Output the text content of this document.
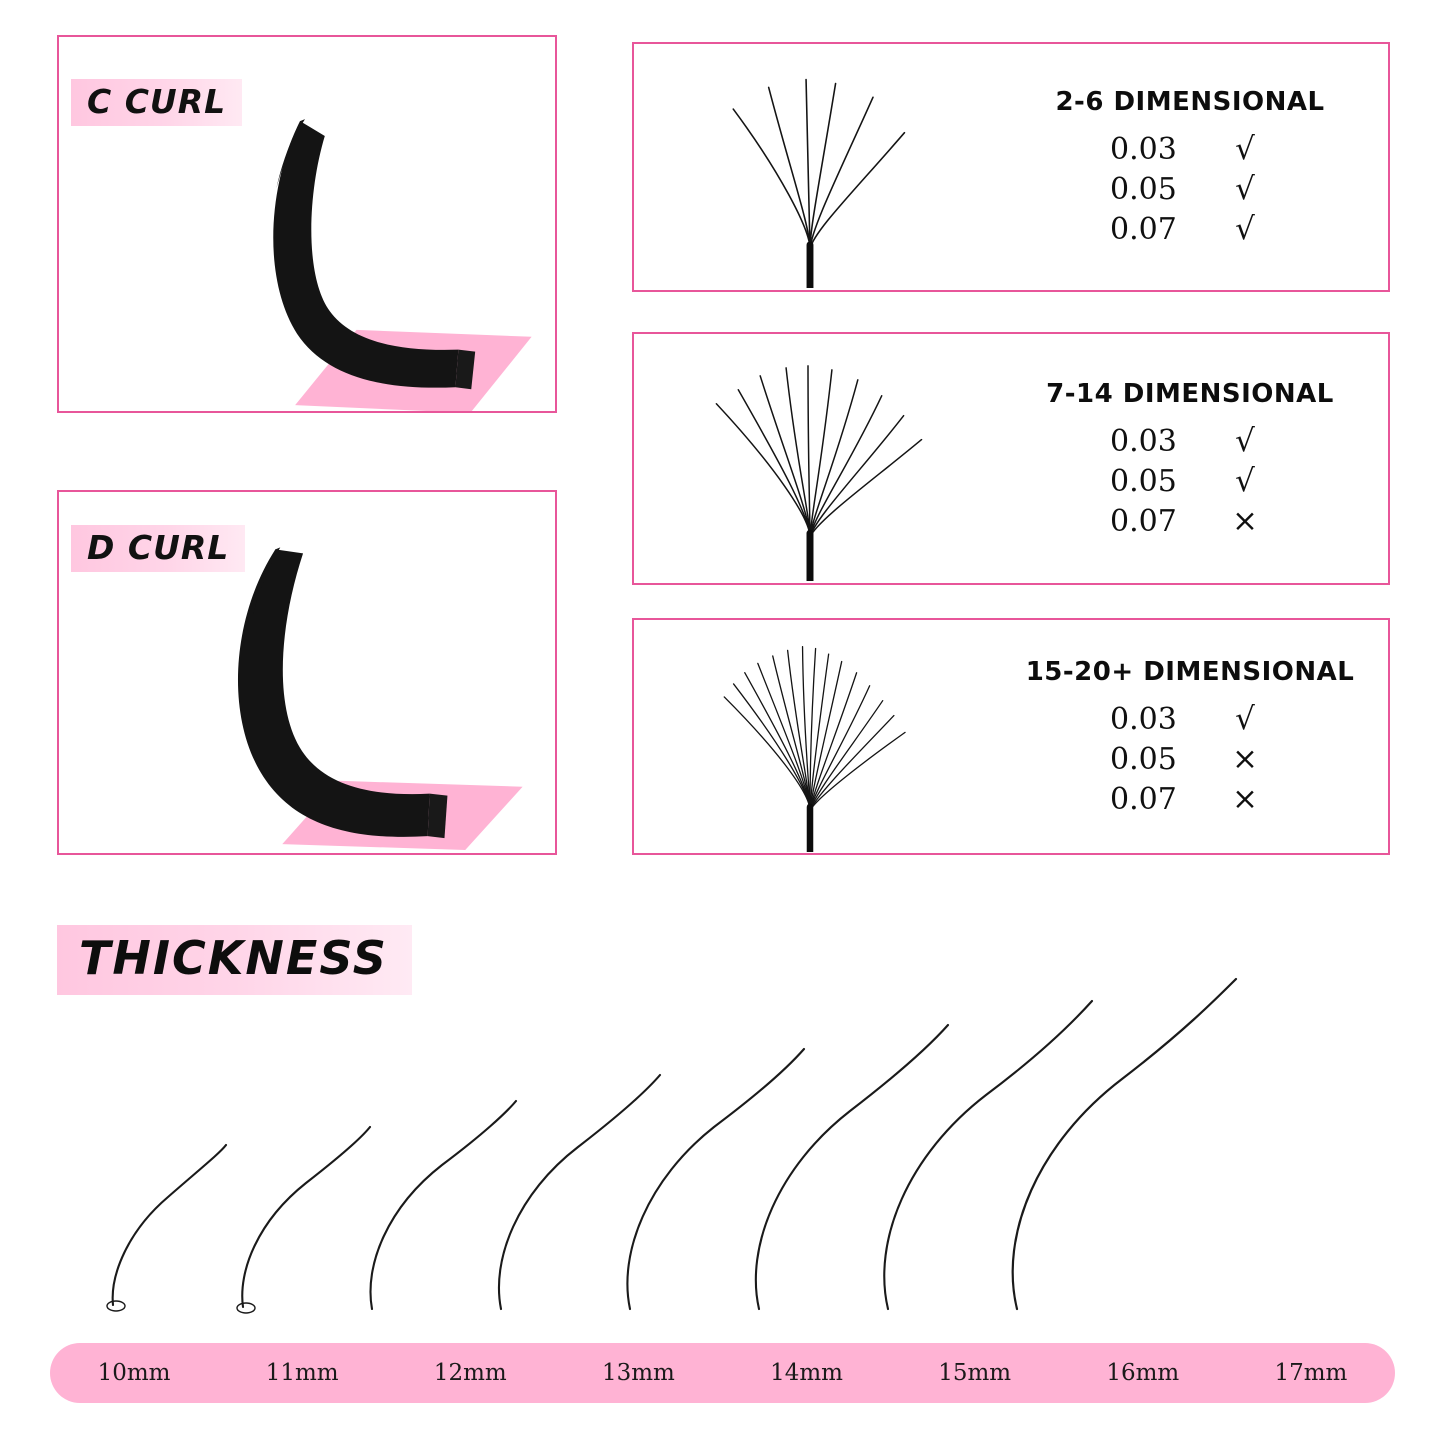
C CURL
D CURL
2-6 DIMENSIONAL
0.03	√
0.05	√
0.07	√
7-14 DIMENSIONAL
0.03	√
0.05	√
0.07	×
15-20+ DIMENSIONAL
0.03	√
0.05	×
0.07	×
THICKNESS
10mm	11mm	12mm	13mm	14mm	15mm	16mm	17mm
